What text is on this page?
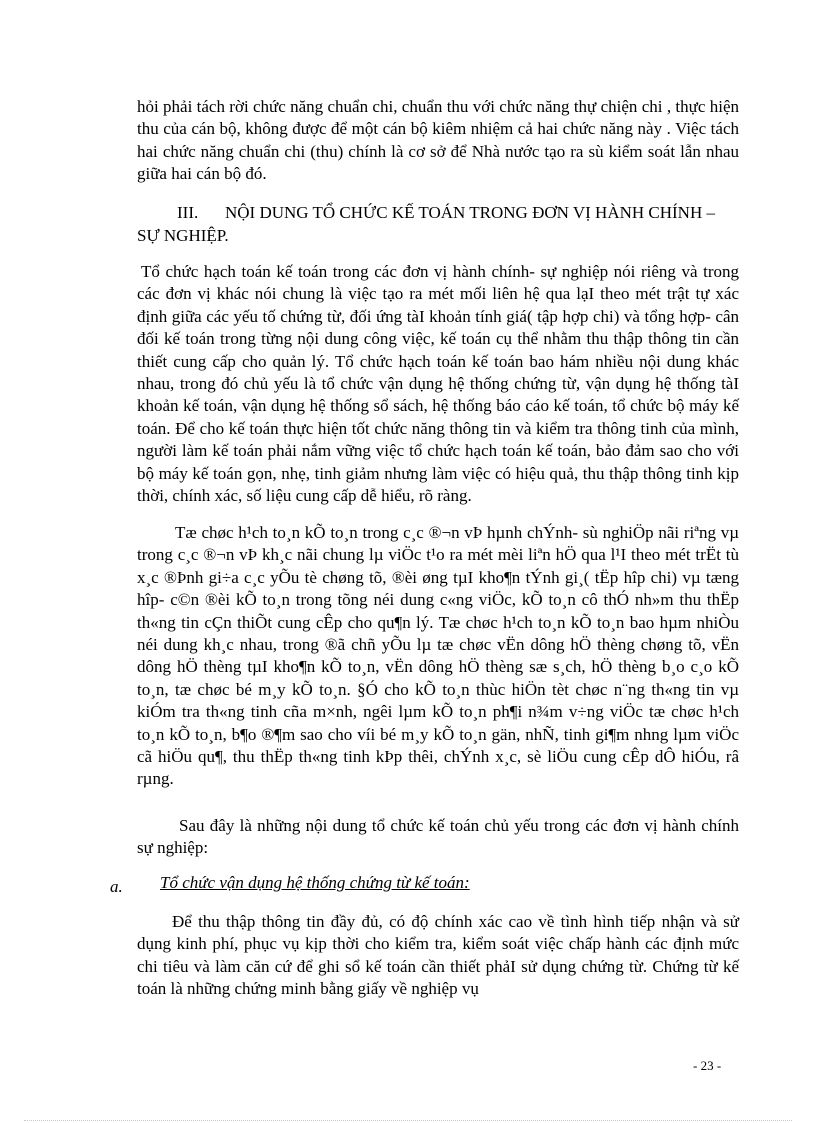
hỏi phải tách rời chức năng chuẩn chi, chuẩn thu với chức năng thự chiện chi , thực hiện thu của cán bộ, không được để một cán bộ kiêm nhiệm cả hai chức năng này . Việc tách hai chức năng chuẩn chi (thu) chính là cơ sở để Nhà nước tạo ra sù kiểm soát lẫn nhau giữa hai cán bộ đó.

III. NỘI DUNG TỔ CHỨC KẾ TOÁN TRONG ĐƠN VỊ HÀNH CHÍNH – SỰ NGHIỆP.

Tổ chức hạch toán kế toán trong các đơn vị hành chính- sự nghiệp nói riêng và trong các đơn vị khác nói chung là việc tạo ra mét mối liên hệ qua lạI theo mét trật tự xác định giữa các yếu tố chứng từ, đối ứng tàI khoản tính giá( tập hợp chi) và tổng hợp- cân đối kế toán trong từng nội dung công việc, kế toán cụ thể nhằm thu thập thông tin cần thiết cung cấp cho quản lý. Tổ chức hạch toán kế toán bao hám nhiều nội dung khác nhau, trong đó chủ yếu là tổ chức vận dụng hệ thống chứng từ, vận dụng hệ thống tàI khoản kế toán, vận dụng hệ thống sổ sách, hệ thống báo cáo kế toán, tổ chức bộ máy kế toán. Để cho kế toán thực hiện tốt chức năng thông tin và kiểm tra thông tinh của mình, người làm kế toán phải nắm vững việc tổ chức hạch toán kế toán, bảo đảm sao cho với bộ máy kế toán gọn, nhẹ, tinh giảm nhưng làm việc có hiệu quả, thu thập thông tinh kịp thời, chính xác, số liệu cung cấp dễ hiểu, rõ ràng.

Tæ chøc h¹ch to¸n kÕ to¸n trong c¸c ®¬n vÞ hµnh chÝnh- sù nghiÖp nãi riªng vµ trong c¸c ®¬n vÞ kh¸c nãi chung lµ viÖc t¹o ra mét mèi liªn hÖ qua l¹I theo mét trËt tù x¸c ®Þnh gi÷a c¸c yÕu tè chøng tõ, ®èi øng tµI kho¶n tÝnh gi¸( tËp hîp chi) vµ tæng hîp- c©n ®èi kÕ to¸n trong tõng néi dung c«ng viÖc, kÕ to¸n cô thÓ nh»m thu thËp th«ng tin cÇn thiÕt cung cÊp cho qu¶n lý. Tæ chøc h¹ch to¸n kÕ to¸n bao hµm nhiÒu néi dung kh¸c nhau, trong ®ã chñ yÕu lµ tæ chøc vËn dông hÖ thèng chøng tõ, vËn dông hÖ thèng tµI kho¶n kÕ to¸n, vËn dông hÖ thèng sæ s¸ch, hÖ thèng b¸o c¸o kÕ to¸n, tæ chøc bé m¸y kÕ to¸n. §Ó cho kÕ to¸n thùc hiÖn tèt chøc n¨ng th«ng tin vµ kiÓm tra th«ng tinh cña m×nh, ngêi lµm kÕ to¸n ph¶i n¾m v÷ng viÖc tæ chøc h¹ch to¸n kÕ to¸n, b¶o ®¶m sao cho víi bé m¸y kÕ to¸n gän, nhÑ, tinh gi¶m nhng lµm viÖc cã hiÖu qu¶, thu thËp th«ng tinh kÞp thêi, chÝnh x¸c, sè liÖu cung cÊp dÔ hiÓu, râ rµng.

Sau đây là những nội dung tổ chức kế toán chủ yếu trong các đơn vị hành chính sự nghiệp:

a. Tổ chức vận dụng hệ thống chứng từ kế toán:

Để thu thập thông tin đầy đủ, có độ chính xác cao về tình hình tiếp nhận và sử dụng kinh phí, phục vụ kịp thời cho kiểm tra, kiểm soát việc chấp hành các định mức chi tiêu và làm căn cứ để ghi sổ kế toán cần thiết phảI sử dụng chứng từ. Chứng từ kế toán là những chứng minh bằng giấy về nghiệp vụ

- 23 -
